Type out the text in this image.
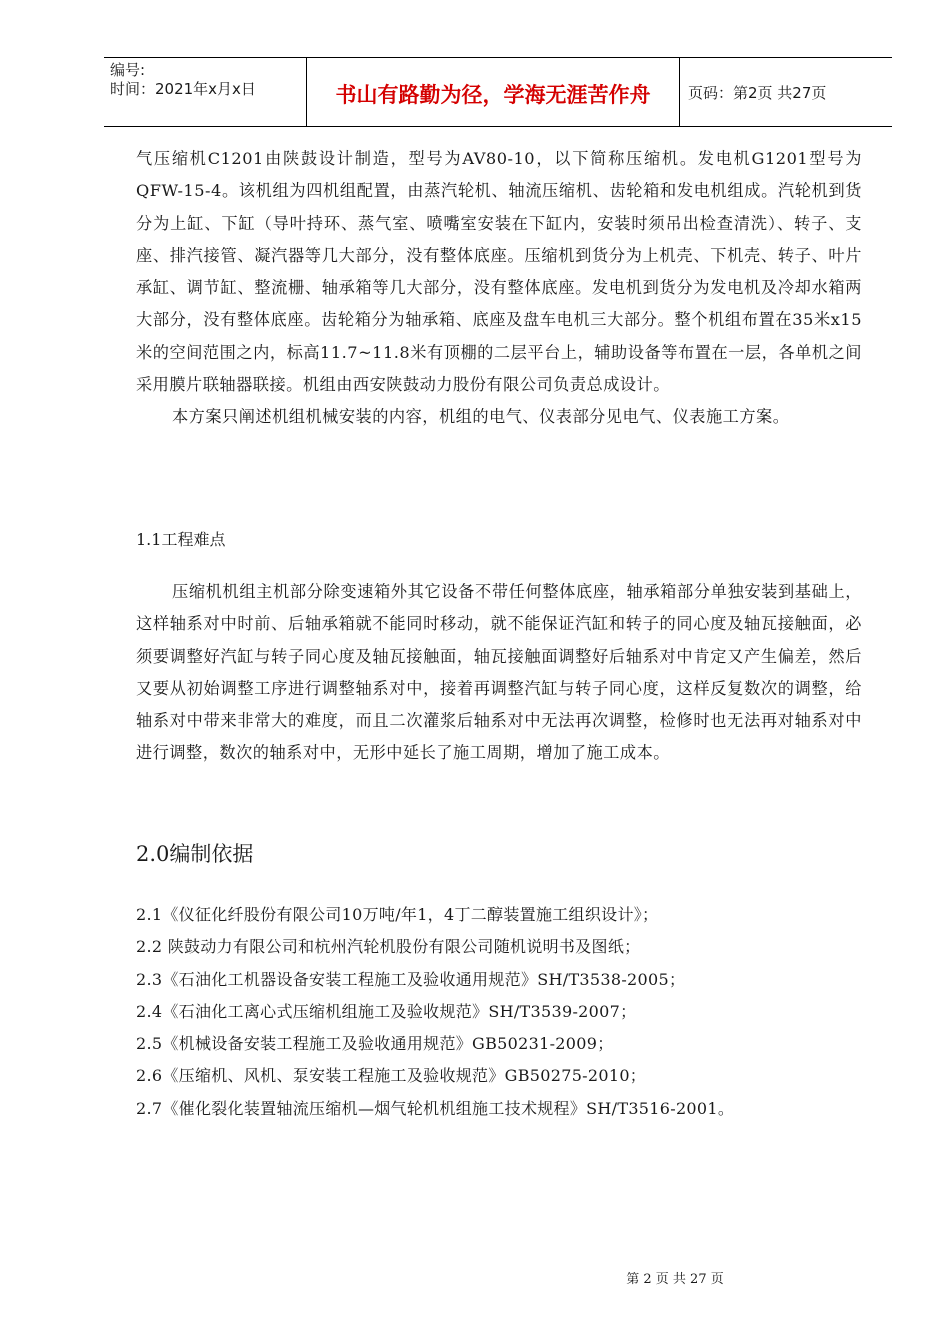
编号:
时间：2021年x月x日	书山有路勤为径，学海无涯苦作舟	页码：第2页 共27页

气压缩机C1201由陕鼓设计制造，型号为AV80-10，以下简称压缩机。发电机G1201型号为QFW-15-4。该机组为四机组配置，由蒸汽轮机、轴流压缩机、齿轮箱和发电机组成。汽轮机到货分为上缸、下缸（导叶持环、蒸气室、喷嘴室安装在下缸内，安装时须吊出检查清洗）、转子、支座、排汽接管、凝汽器等几大部分，没有整体底座。压缩机到货分为上机壳、下机壳、转子、叶片承缸、调节缸、整流栅、轴承箱等几大部分，没有整体底座。发电机到货分为发电机及冷却水箱两大部分，没有整体底座。齿轮箱分为轴承箱、底座及盘车电机三大部分。整个机组布置在35米x15米的空间范围之内，标高11.7~11.8米有顶棚的二层平台上，辅助设备等布置在一层，各单机之间采用膜片联轴器联接。机组由西安陕鼓动力股份有限公司负责总成设计。

本方案只阐述机组机械安装的内容，机组的电气、仪表部分见电气、仪表施工方案。

1.1工程难点

压缩机机组主机部分除变速箱外其它设备不带任何整体底座，轴承箱部分单独安装到基础上，这样轴系对中时前、后轴承箱就不能同时移动，就不能保证汽缸和转子的同心度及轴瓦接触面，必须要调整好汽缸与转子同心度及轴瓦接触面，轴瓦接触面调整好后轴系对中肯定又产生偏差，然后又要从初始调整工序进行调整轴系对中，接着再调整汽缸与转子同心度，这样反复数次的调整，给轴系对中带来非常大的难度，而且二次灌浆后轴系对中无法再次调整，检修时也无法再对轴系对中进行调整，数次的轴系对中，无形中延长了施工周期，增加了施工成本。

2.0编制依据
2.1《仪征化纤股份有限公司10万吨/年1，4丁二醇装置施工组织设计》；
2.2 陕鼓动力有限公司和杭州汽轮机股份有限公司随机说明书及图纸；
2.3《石油化工机器设备安装工程施工及验收通用规范》SH/T3538-2005；
2.4《石油化工离心式压缩机组施工及验收规范》SH/T3539-2007；
2.5《机械设备安装工程施工及验收通用规范》GB50231-2009；
2.6《压缩机、风机、泵安装工程施工及验收规范》GB50275-2010；
2.7《催化裂化装置轴流压缩机—烟气轮机机组施工技术规程》SH/T3516-2001。
第 2 页 共 27 页
